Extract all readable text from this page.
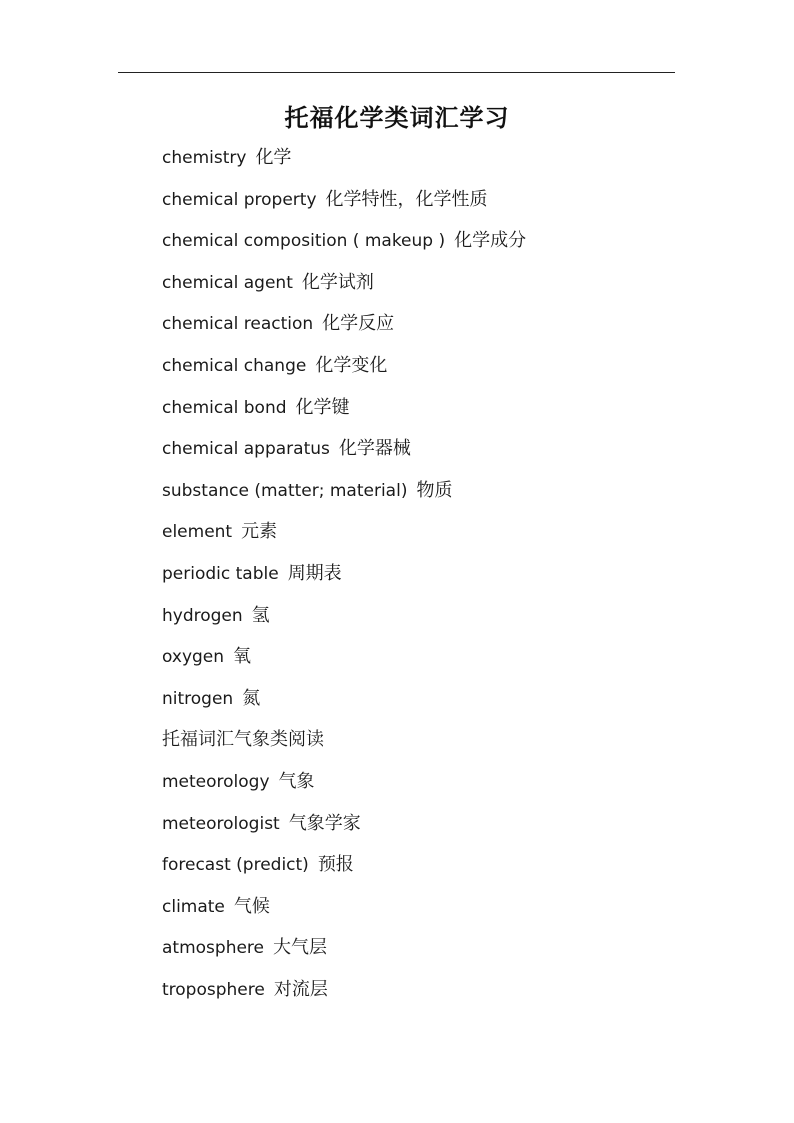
托福化学类词汇学习
chemistry 化学
chemical property 化学特性，化学性质
chemical composition ( makeup ) 化学成分
chemical agent 化学试剂
chemical reaction 化学反应
chemical change 化学变化
chemical bond 化学键
chemical apparatus 化学器械
substance (matter; material) 物质
element 元素
periodic table 周期表
hydrogen 氢
oxygen 氧
nitrogen 氮
托福词汇气象类阅读
meteorology 气象
meteorologist 气象学家
forecast (predict) 预报
climate 气候
atmosphere 大气层
troposphere 对流层
